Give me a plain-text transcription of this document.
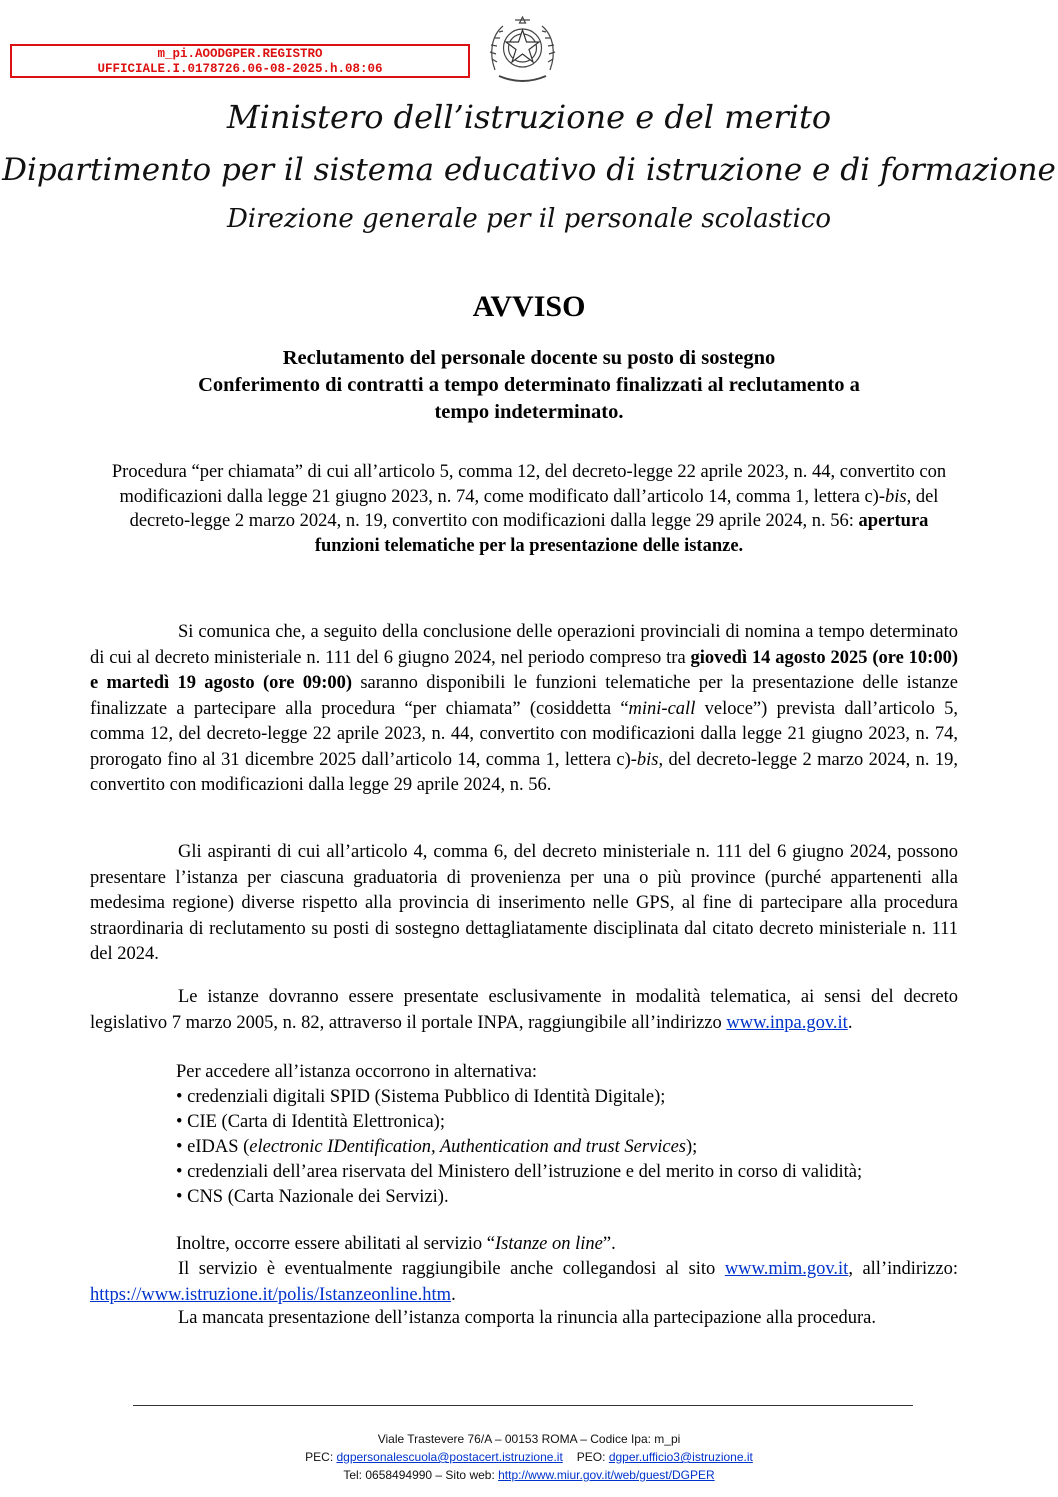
m_pi.AOODGPER.REGISTRO
UFFICIALE.I.0178726.06-08-2025.h.08:06
Ministero dell’istruzione e del merito
Dipartimento per il sistema educativo di istruzione e di formazione
Direzione generale per il personale scolastico
AVVISO
Reclutamento del personale docente su posto di sostegno
Conferimento di contratti a tempo determinato finalizzati al reclutamento a
tempo indeterminato.
Procedura “per chiamata” di cui all’articolo 5, comma 12, del decreto-legge 22 aprile 2023, n. 44, convertito con modificazioni dalla legge 21 giugno 2023, n. 74, come modificato dall’articolo 14, comma 1, lettera c)-bis, del decreto-legge 2 marzo 2024, n. 19, convertito con modificazioni dalla legge 29 aprile 2024, n. 56: apertura funzioni telematiche per la presentazione delle istanze.
Si comunica che, a seguito della conclusione delle operazioni provinciali di nomina a tempo determinato di cui al decreto ministeriale n. 111 del 6 giugno 2024, nel periodo compreso tra giovedì 14 agosto 2025 (ore 10:00) e martedì 19 agosto (ore 09:00) saranno disponibili le funzioni telematiche per la presentazione delle istanze finalizzate a partecipare alla procedura “per chiamata” (cosiddetta “mini-call veloce”) prevista dall’articolo 5, comma 12, del decreto-legge 22 aprile 2023, n. 44, convertito con modificazioni dalla legge 21 giugno 2023, n. 74, prorogato fino al 31 dicembre 2025 dall’articolo 14, comma 1, lettera c)-bis, del decreto-legge 2 marzo 2024, n. 19, convertito con modificazioni dalla legge 29 aprile 2024, n. 56.
Gli aspiranti di cui all’articolo 4, comma 6, del decreto ministeriale n. 111 del 6 giugno 2024, possono presentare l’istanza per ciascuna graduatoria di provenienza per una o più province (purché appartenenti alla medesima regione) diverse rispetto alla provincia di inserimento nelle GPS, al fine di partecipare alla procedura straordinaria di reclutamento su posti di sostegno dettagliatamente disciplinata dal citato decreto ministeriale n. 111 del 2024.
Le istanze dovranno essere presentate esclusivamente in modalità telematica, ai sensi del decreto legislativo 7 marzo 2005, n. 82, attraverso il portale INPA, raggiungibile all’indirizzo www.inpa.gov.it.
Per accedere all’istanza occorrono in alternativa:
• credenziali digitali SPID (Sistema Pubblico di Identità Digitale);
• CIE (Carta di Identità Elettronica);
• eIDAS (electronic IDentification, Authentication and trust Services);
• credenziali dell’area riservata del Ministero dell’istruzione e del merito in corso di validità;
• CNS (Carta Nazionale dei Servizi).
Inoltre, occorre essere abilitati al servizio “Istanze on line”.
Il servizio è eventualmente raggiungibile anche collegandosi al sito www.mim.gov.it, all’indirizzo: https://www.istruzione.it/polis/Istanzeonline.htm.
La mancata presentazione dell’istanza comporta la rinuncia alla partecipazione alla procedura.
Viale Trastevere 76/A – 00153 ROMA – Codice Ipa: m_pi
PEC: dgpersonalescuola@postacert.istruzione.it PEO: dgper.ufficio3@istruzione.it
Tel: 0658494990 – Sito web: http://www.miur.gov.it/web/guest/DGPER
